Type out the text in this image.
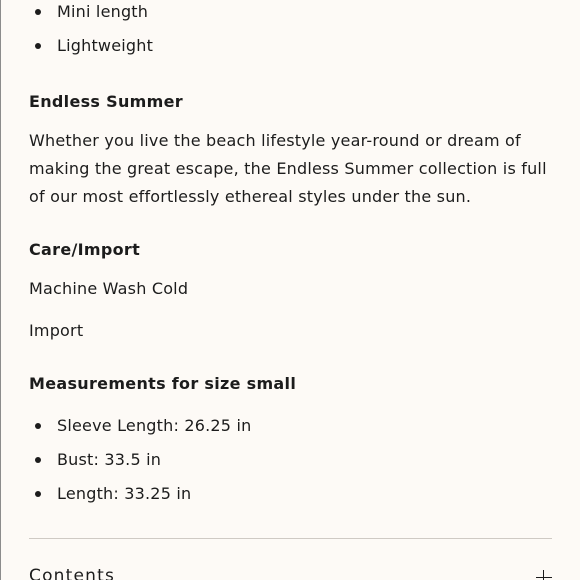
Mini length
Lightweight
Endless Summer
Whether you live the beach lifestyle year-round or dream of making the great escape, the Endless Summer collection is full of our most effortlessly ethereal styles under the sun.
Care/Import
Machine Wash Cold
Import
Measurements for size small
Sleeve Length: 26.25 in
Bust: 33.5 in
Length: 33.25 in
Contents
